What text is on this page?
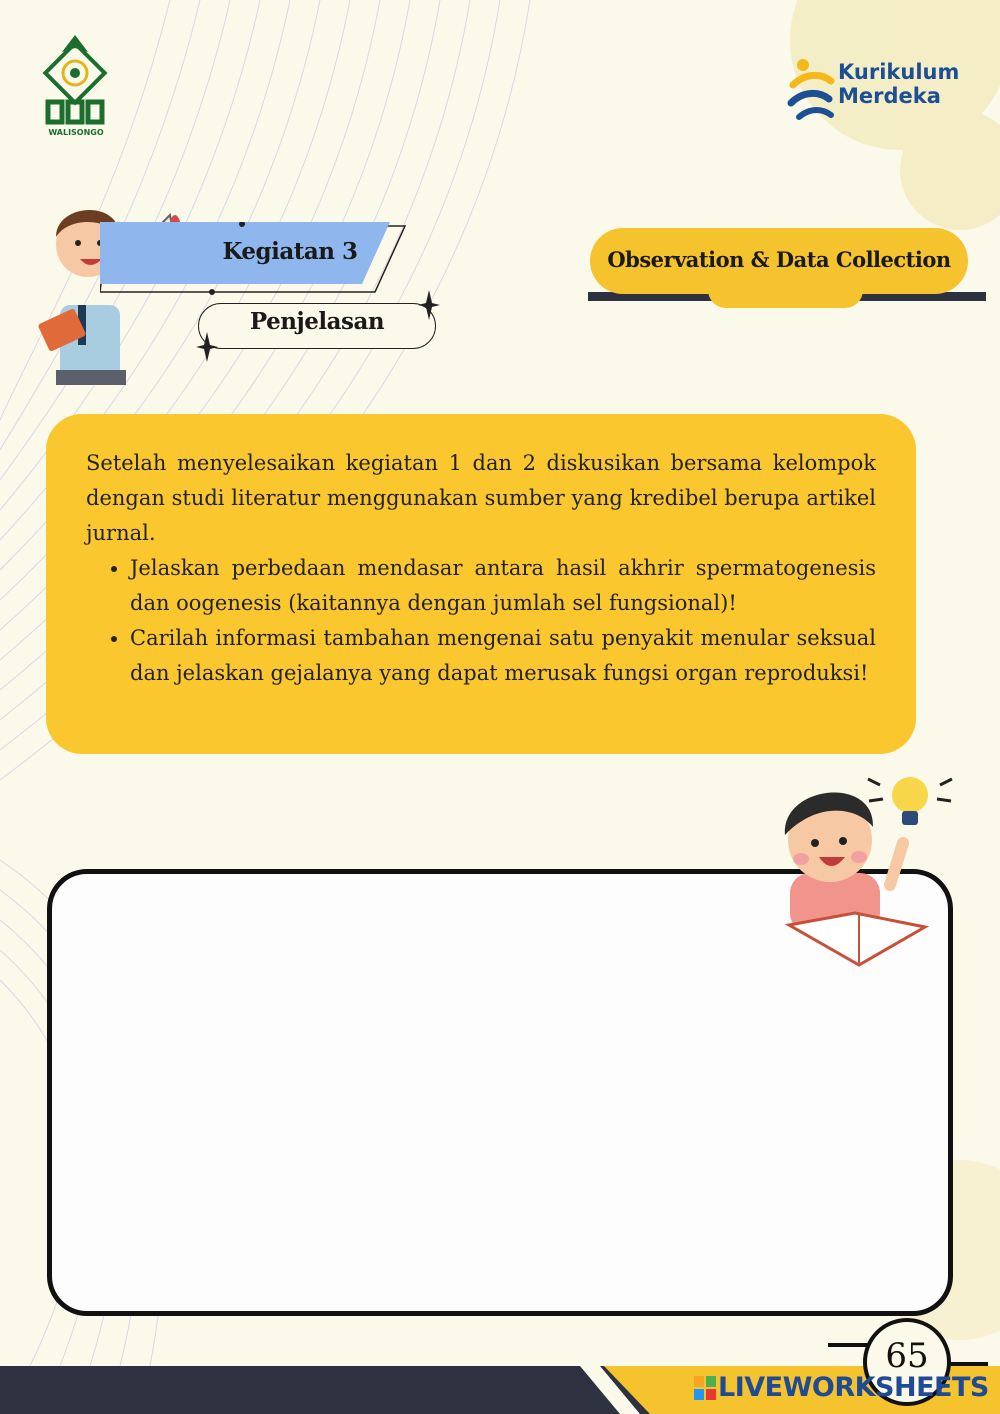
WALISONGO
Kurikulum
Merdeka
Kegiatan 3
Penjelasan
Observation & Data Collection
Setelah menyelesaikan kegiatan 1 dan 2 diskusikan bersama kelompok dengan studi literatur menggunakan sumber yang kredibel berupa artikel jurnal.
• Jelaskan perbedaan mendasar antara hasil akhrir spermatogenesis dan oogenesis (kaitannya dengan jumlah sel fungsional)!
• Carilah informasi tambahan mengenai satu penyakit menular seksual dan jelaskan gejalanya yang dapat merusak fungsi organ reproduksi!
65
LIVEWORKSHEETS
